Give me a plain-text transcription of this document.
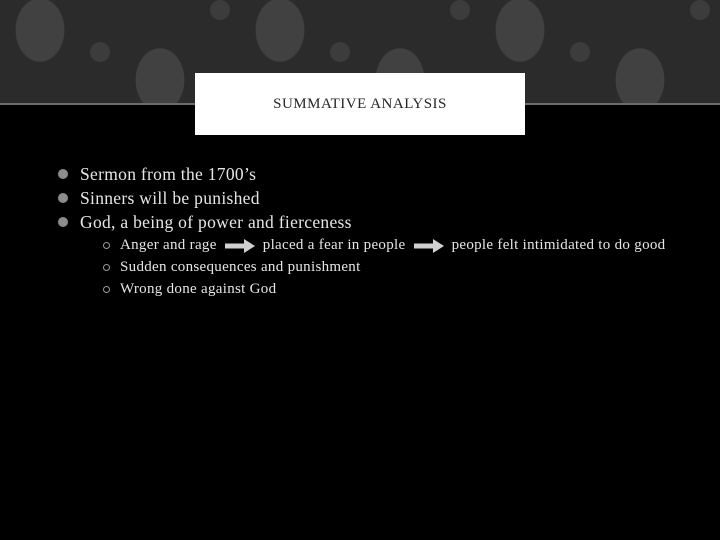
SUMMATIVE ANALYSIS
Sermon from the 1700’s
Sinners will be punished
God, a being of power and fierceness
Anger and rage	placed a fear in people	people felt intimidated to do good
Sudden consequences and punishment
Wrong done against God
